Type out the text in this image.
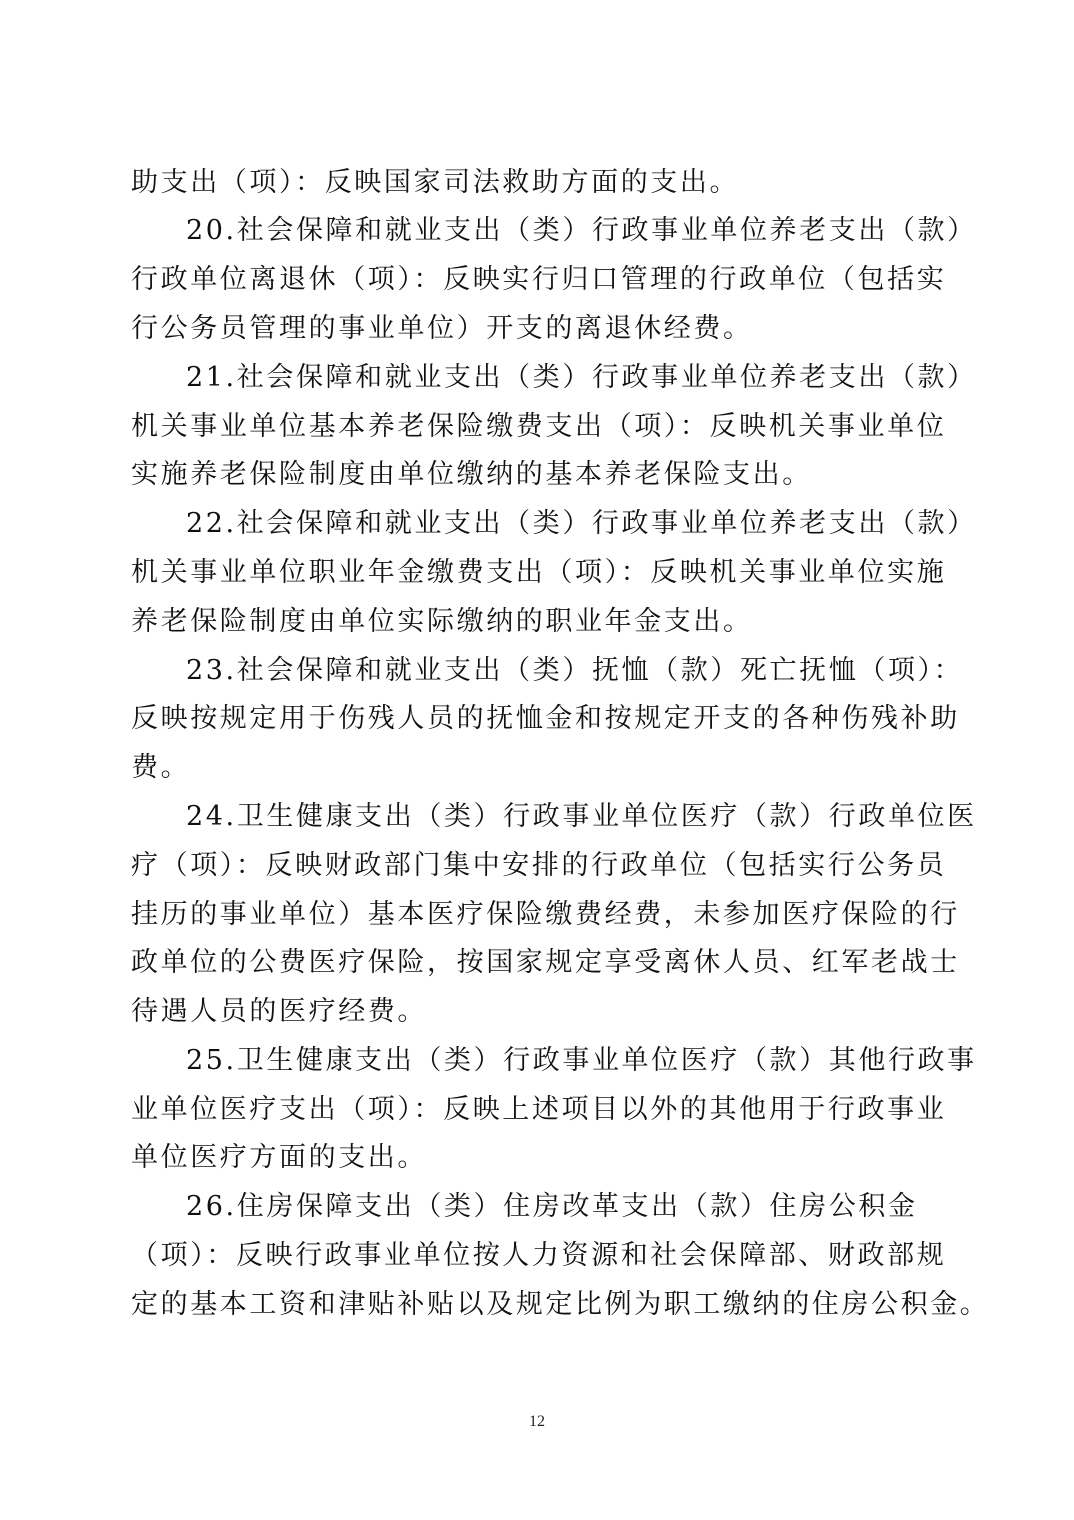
助支出（项）：反映国家司法救助方面的支出。
20.社会保障和就业支出（类）行政事业单位养老支出（款）
行政单位离退休（项）：反映实行归口管理的行政单位（包括实
行公务员管理的事业单位）开支的离退休经费。
21.社会保障和就业支出（类）行政事业单位养老支出（款）
机关事业单位基本养老保险缴费支出（项）：反映机关事业单位
实施养老保险制度由单位缴纳的基本养老保险支出。
22.社会保障和就业支出（类）行政事业单位养老支出（款）
机关事业单位职业年金缴费支出（项）：反映机关事业单位实施
养老保险制度由单位实际缴纳的职业年金支出。
23.社会保障和就业支出（类）抚恤（款）死亡抚恤（项）：
反映按规定用于伤残人员的抚恤金和按规定开支的各种伤残补助
费。
24.卫生健康支出（类）行政事业单位医疗（款）行政单位医
疗（项）：反映财政部门集中安排的行政单位（包括实行公务员
挂历的事业单位）基本医疗保险缴费经费，未参加医疗保险的行
政单位的公费医疗保险，按国家规定享受离休人员、红军老战士
待遇人员的医疗经费。
25.卫生健康支出（类）行政事业单位医疗（款）其他行政事
业单位医疗支出（项）：反映上述项目以外的其他用于行政事业
单位医疗方面的支出。
26.住房保障支出（类）住房改革支出（款）住房公积金
（项）：反映行政事业单位按人力资源和社会保障部、财政部规
定的基本工资和津贴补贴以及规定比例为职工缴纳的住房公积金。
12
